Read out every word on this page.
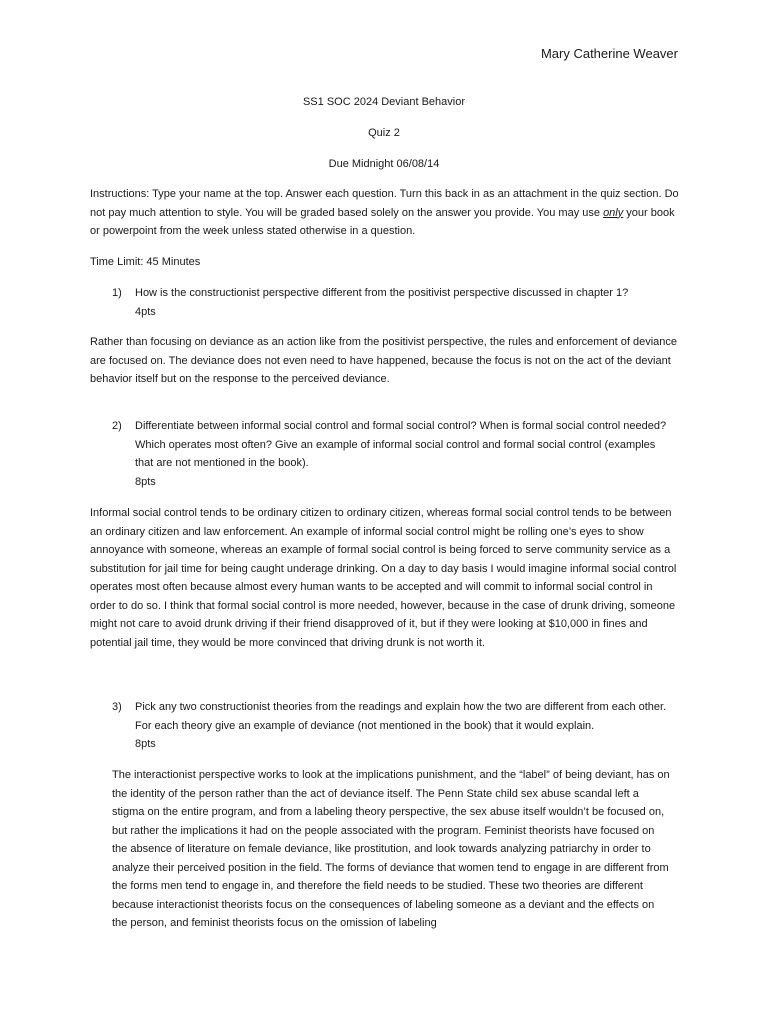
Mary Catherine Weaver
SS1 SOC 2024 Deviant Behavior
Quiz 2
Due Midnight 06/08/14
Instructions: Type your name at the top. Answer each question. Turn this back in as an attachment in the quiz section. Do not pay much attention to style. You will be graded based solely on the answer you provide. You may use only your book or powerpoint from the week unless stated otherwise in a question.
Time Limit: 45 Minutes
1) How is the constructionist perspective different from the positivist perspective discussed in chapter 1?
4pts
Rather than focusing on deviance as an action like from the positivist perspective, the rules and enforcement of deviance are focused on. The deviance does not even need to have happened, because the focus is not on the act of the deviant behavior itself but on the response to the perceived deviance.
2) Differentiate between informal social control and formal social control? When is formal social control needed? Which operates most often? Give an example of informal social control and formal social control (examples that are not mentioned in the book).
8pts
Informal social control tends to be ordinary citizen to ordinary citizen, whereas formal social control tends to be between an ordinary citizen and law enforcement. An example of informal social control might be rolling one’s eyes to show annoyance with someone, whereas an example of formal social control is being forced to serve community service as a substitution for jail time for being caught underage drinking. On a day to day basis I would imagine informal social control operates most often because almost every human wants to be accepted and will commit to informal social control in order to do so. I think that formal social control is more needed, however, because in the case of drunk driving, someone might not care to avoid drunk driving if their friend disapproved of it, but if they were looking at $10,000 in fines and potential jail time, they would be more convinced that driving drunk is not worth it.
3) Pick any two constructionist theories from the readings and explain how the two are different from each other. For each theory give an example of deviance (not mentioned in the book) that it would explain.
8pts
The interactionist perspective works to look at the implications punishment, and the “label” of being deviant, has on the identity of the person rather than the act of deviance itself. The Penn State child sex abuse scandal left a stigma on the entire program, and from a labeling theory perspective, the sex abuse itself wouldn’t be focused on, but rather the implications it had on the people associated with the program. Feminist theorists have focused on the absence of literature on female deviance, like prostitution, and look towards analyzing patriarchy in order to analyze their perceived position in the field. The forms of deviance that women tend to engage in are different from the forms men tend to engage in, and therefore the field needs to be studied. These two theories are different because interactionist theorists focus on the consequences of labeling someone as a deviant and the effects on the person, and feminist theorists focus on the omission of labeling
